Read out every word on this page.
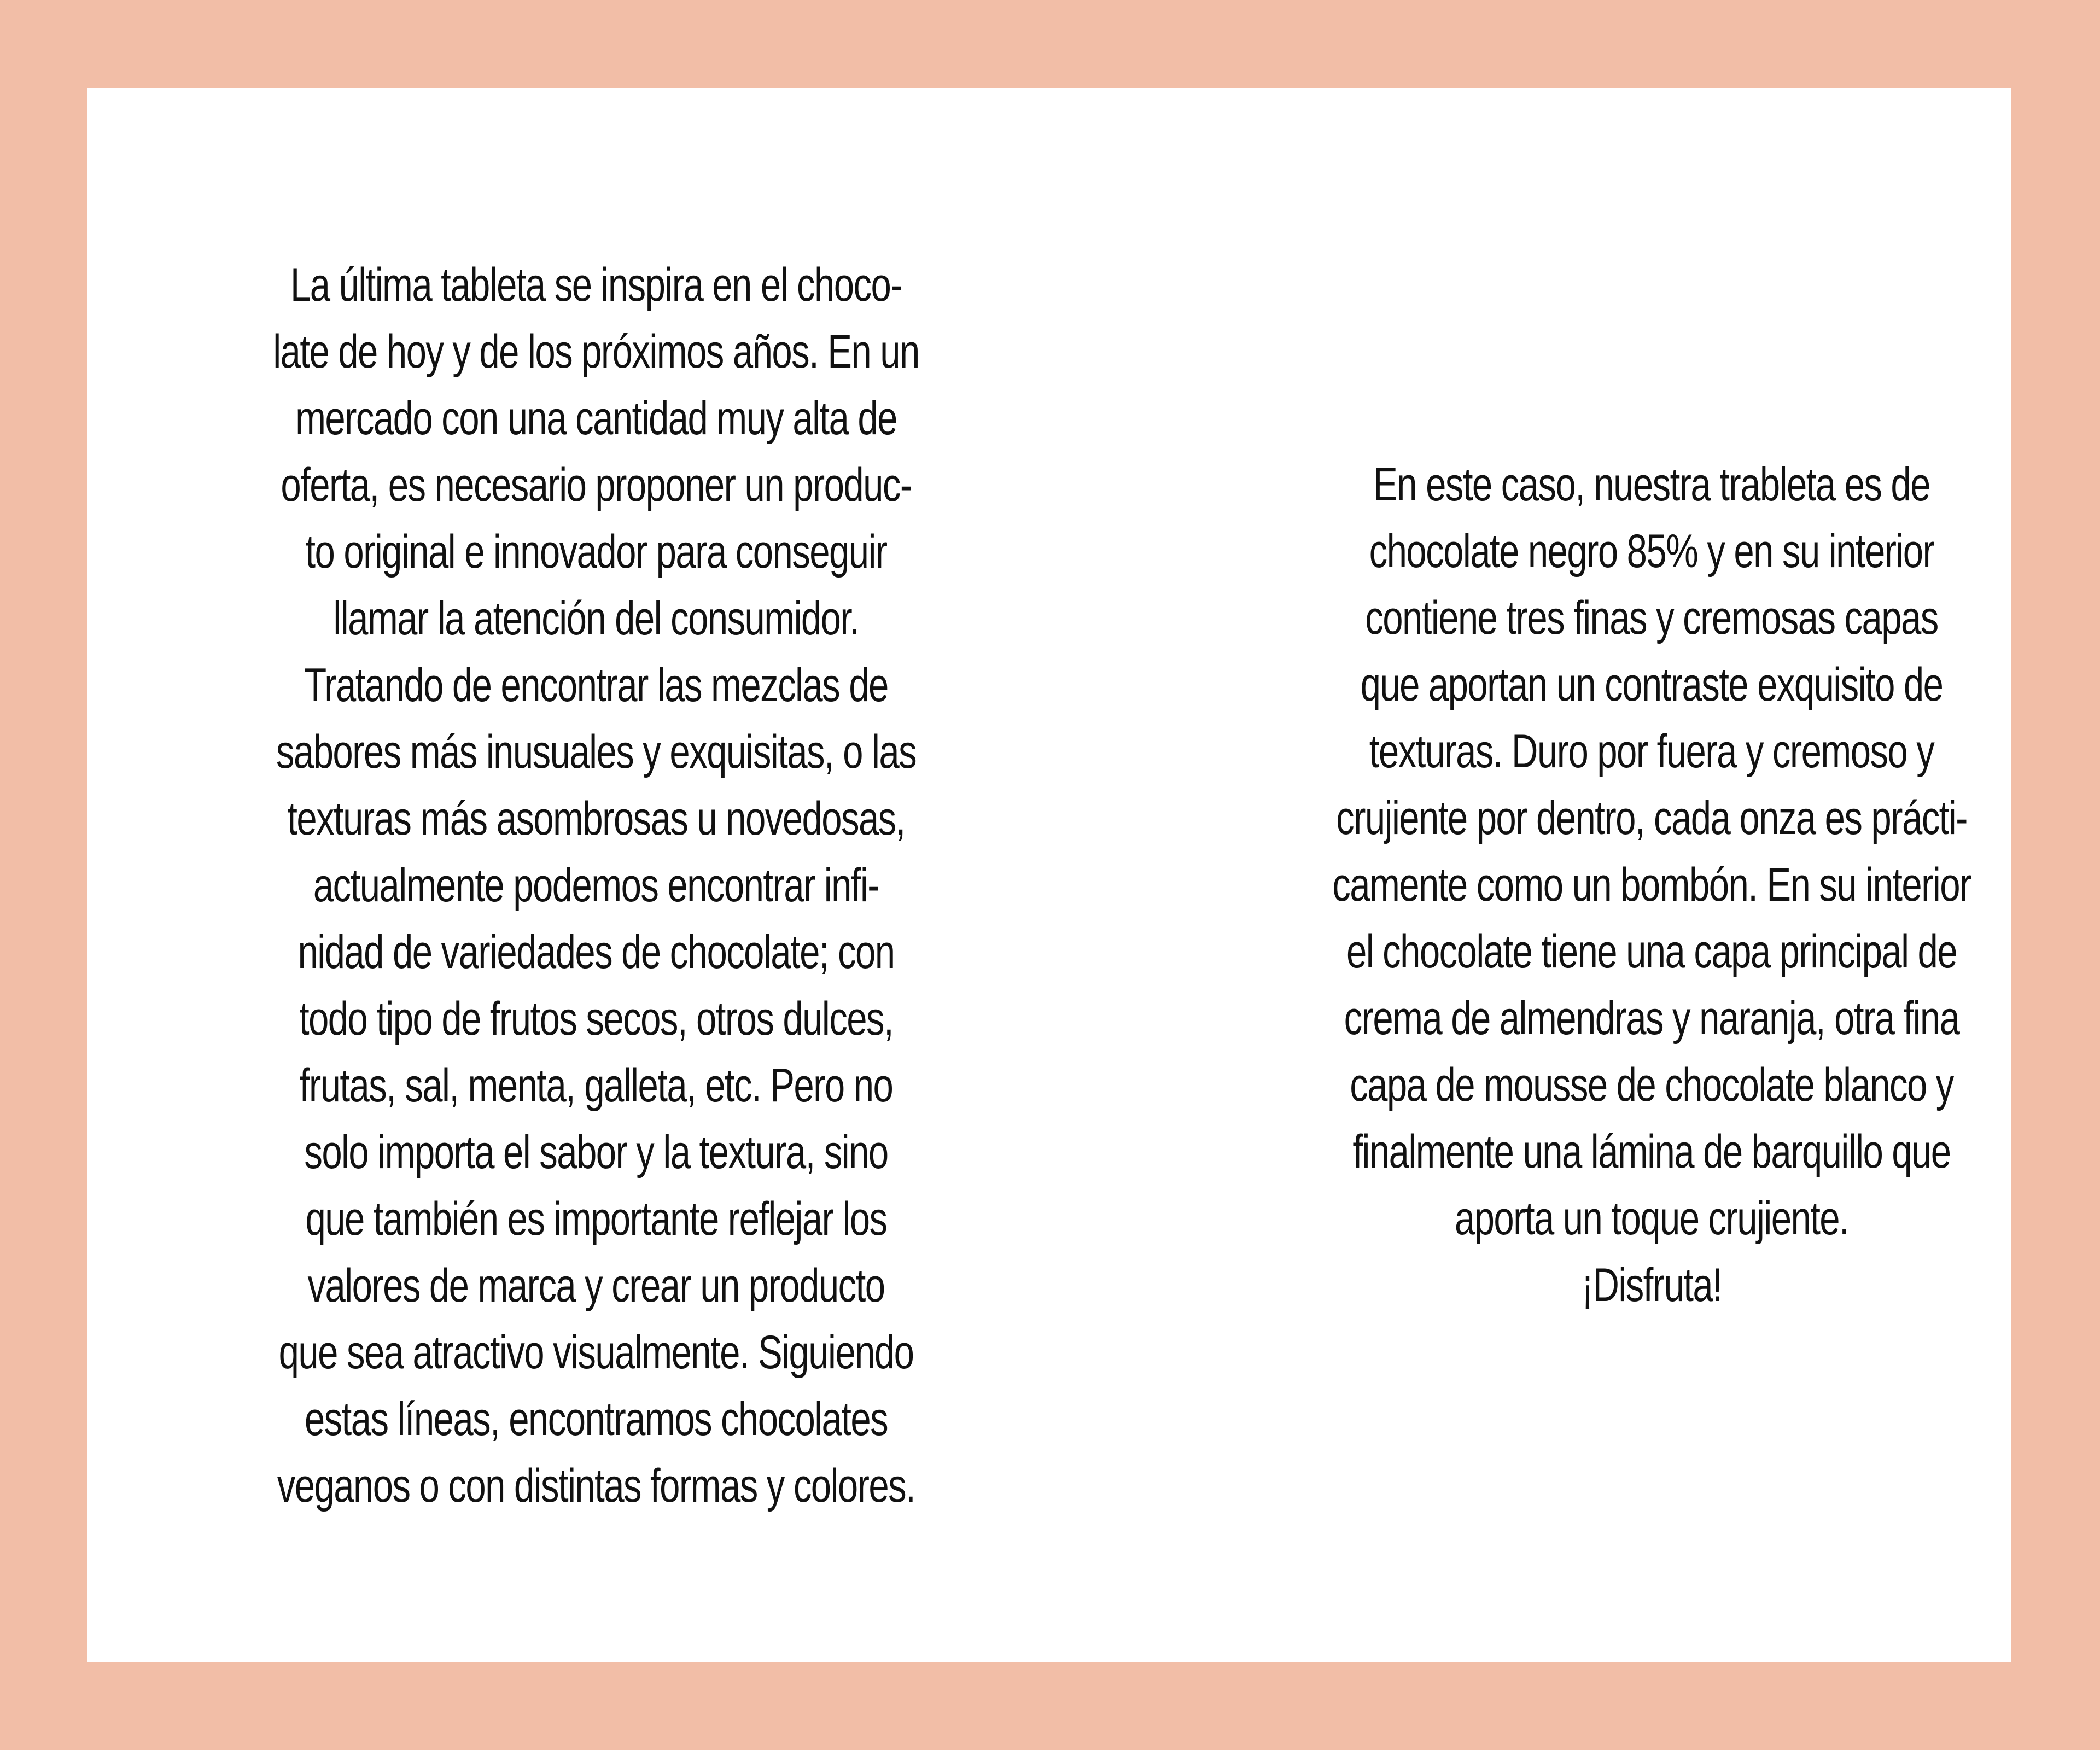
La última tableta se inspira en el choco-
late de hoy y de los próximos años. En un
mercado con una cantidad muy alta de
oferta, es necesario proponer un produc-
to original e innovador para conseguir
llamar la atención del consumidor.
Tratando de encontrar las mezclas de
sabores más inusuales y exquisitas, o las
texturas más asombrosas u novedosas,
actualmente podemos encontrar infi-
nidad de variedades de chocolate; con
todo tipo de frutos secos, otros dulces,
frutas, sal, menta, galleta, etc. Pero no
solo importa el sabor y la textura, sino
que también es importante reflejar los
valores de marca y crear un producto
que sea atractivo visualmente. Siguiendo
estas líneas, encontramos chocolates
veganos o con distintas formas y colores.

En este caso, nuestra trableta es de
chocolate negro 85% y en su interior
contiene tres finas y cremosas capas
que aportan un contraste exquisito de
texturas. Duro por fuera y cremoso y
crujiente por dentro, cada onza es prácti-
camente como un bombón. En su interior
el chocolate tiene una capa principal de
crema de almendras y naranja, otra fina
capa de mousse de chocolate blanco y
finalmente una lámina de barquillo que
aporta un toque crujiente.
¡Disfruta!
